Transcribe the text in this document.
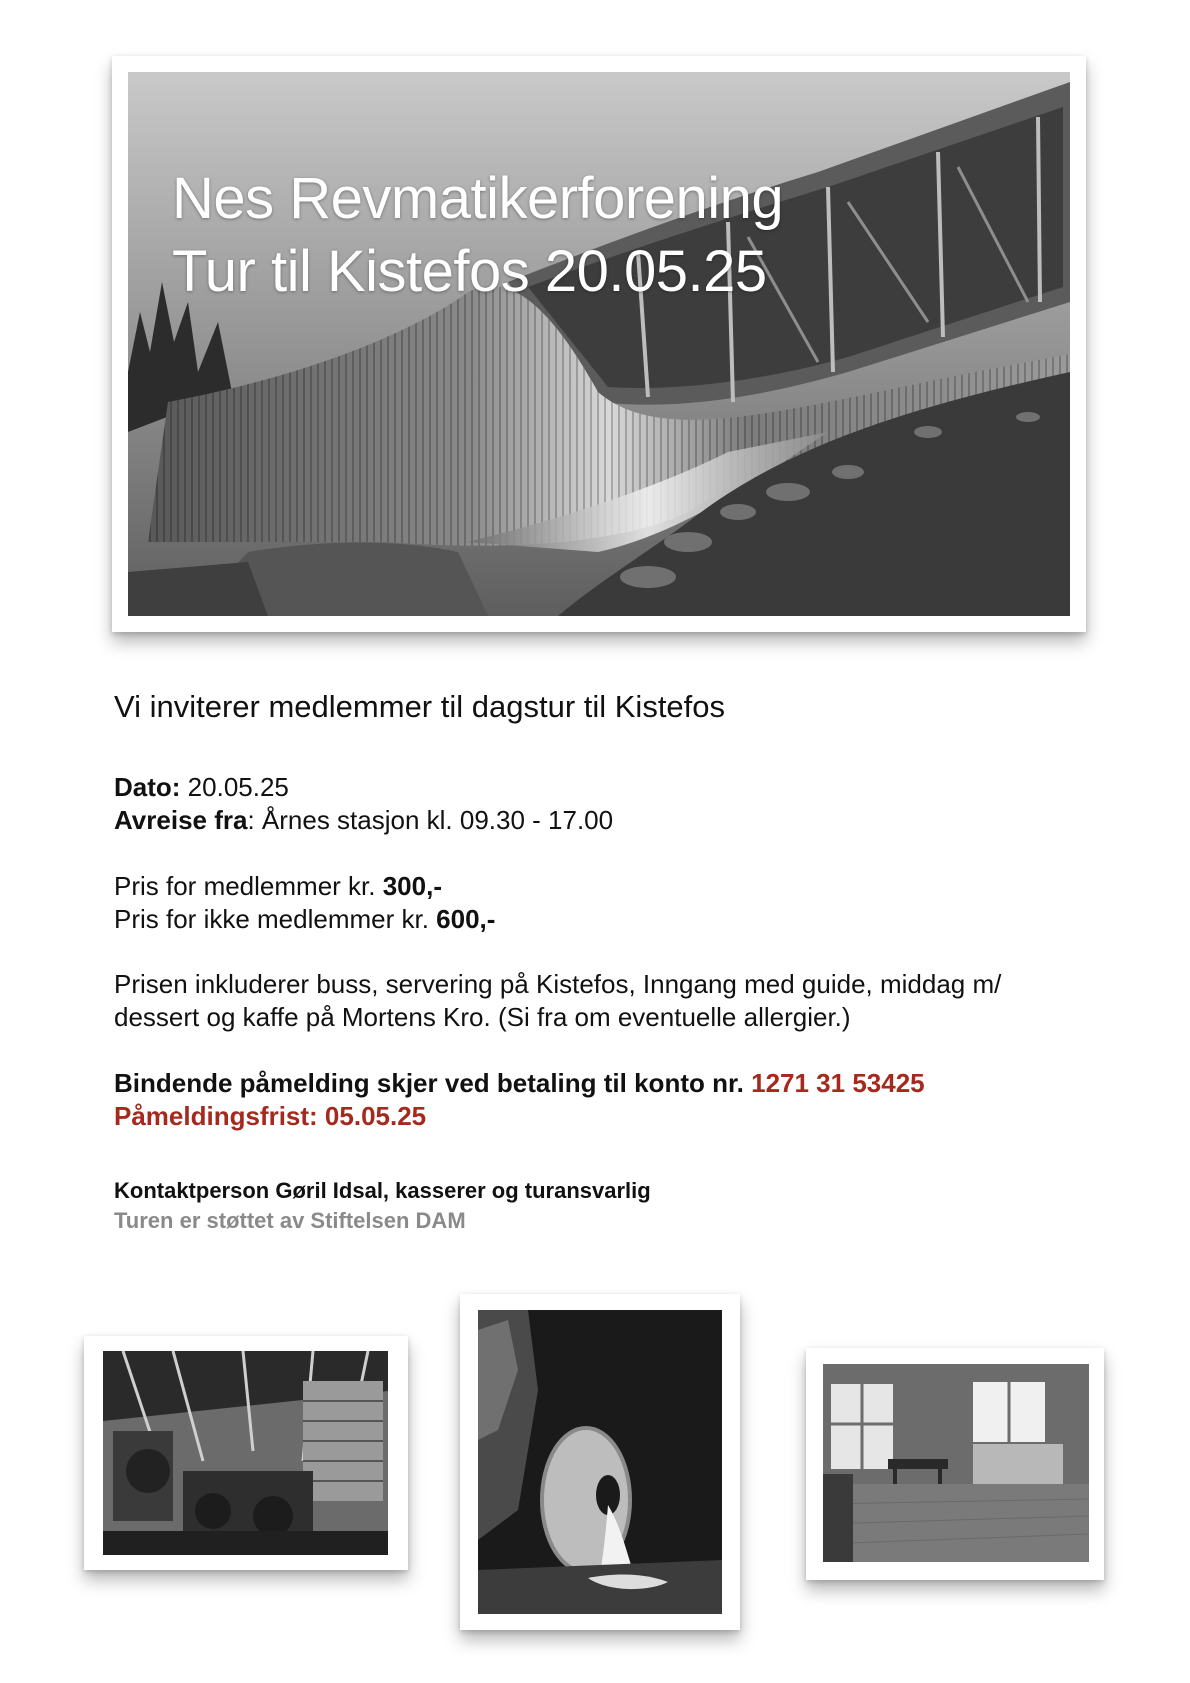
Nes Revmatikerforening
Tur til Kistefos 20.05.25

Vi inviterer medlemmer til dagstur til Kistefos

Dato: 20.05.25
Avreise fra: Årnes stasjon kl. 09.30 - 17.00
Pris for medlemmer kr. 300,-
Pris for ikke medlemmer kr. 600,-
Prisen inkluderer buss, servering på Kistefos, Inngang med guide, middag m/
dessert og kaffe på Mortens Kro. (Si fra om eventuelle allergier.)
Bindende påmelding skjer ved betaling til konto nr. 1271 31 53425
Påmeldingsfrist: 05.05.25
Kontaktperson Gøril Idsal, kasserer og turansvarlig
Turen er støttet av Stiftelsen DAM
